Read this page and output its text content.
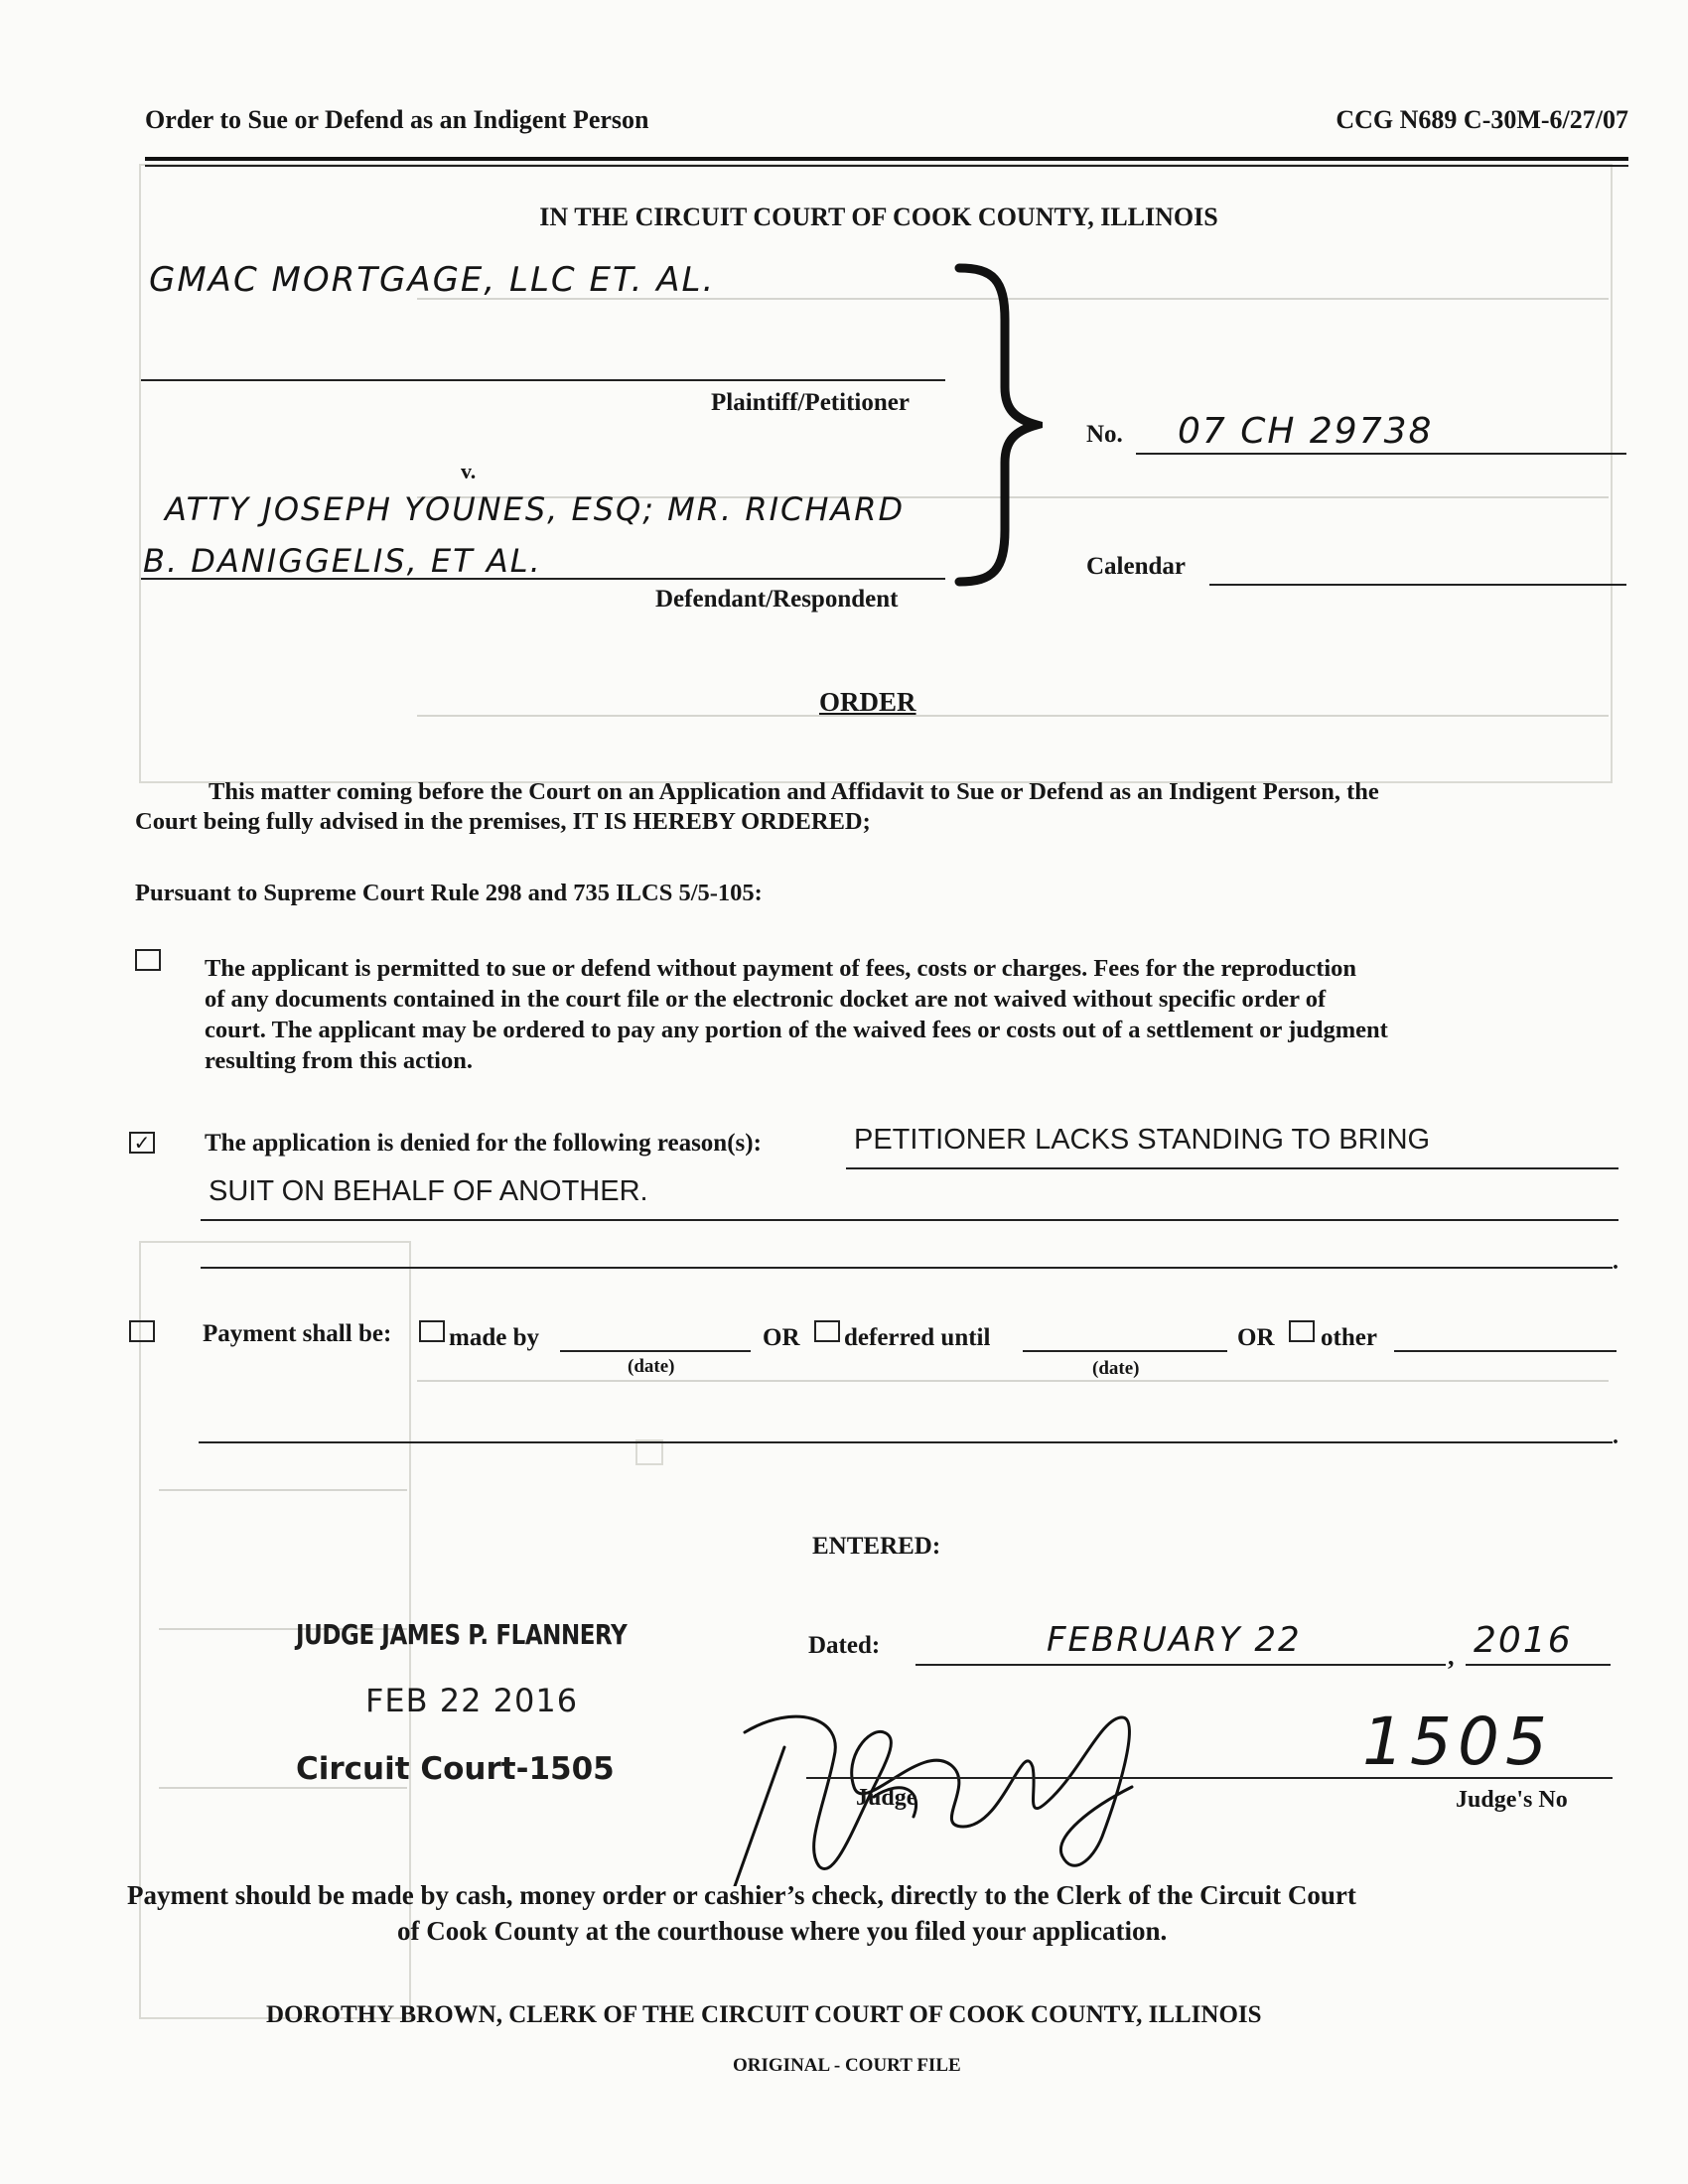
Order to Sue or Defend as an Indigent Person	CCG N689 C-30M-6/27/07
IN THE CIRCUIT COURT OF COOK COUNTY, ILLINOIS
GMAC MORTGAGE, LLC ET. AL.
Plaintiff/Petitioner
v.
ATTY JOSEPH YOUNES, ESQ; MR. RICHARD
B. DANIGGELIS, ET AL.
Defendant/Respondent
No. 07 CH 29738
Calendar
ORDER
This matter coming before the Court on an Application and Affidavit to Sue or Defend as an Indigent Person, the
Court being fully advised in the premises, IT IS HEREBY ORDERED;
Pursuant to Supreme Court Rule 298 and 735 ILCS 5/5-105:
The applicant is permitted to sue or defend without payment of fees, costs or charges. Fees for the reproduction
of any documents contained in the court file or the electronic docket are not waived without specific order of
court. The applicant may be ordered to pay any portion of the waived fees or costs out of a settlement or judgment
resulting from this action.
✓ The application is denied for the following reason(s):	PETITIONER LACKS STANDING TO BRING
SUIT ON BEHALF OF ANOTHER.
.
Payment shall be: made by
(date)
OR deferred until
(date)
OR other
.
ENTERED:
JUDGE JAMES P. FLANNERY
FEB 22 2016
Circuit Court-1505
Dated:	FEBRUARY 22	, 2016
1505
Judge	Judge's No
Payment should be made by cash, money order or cashier’s check, directly to the Clerk of the Circuit Court
of Cook County at the courthouse where you filed your application.
DOROTHY BROWN, CLERK OF THE CIRCUIT COURT OF COOK COUNTY, ILLINOIS
ORIGINAL - COURT FILE
